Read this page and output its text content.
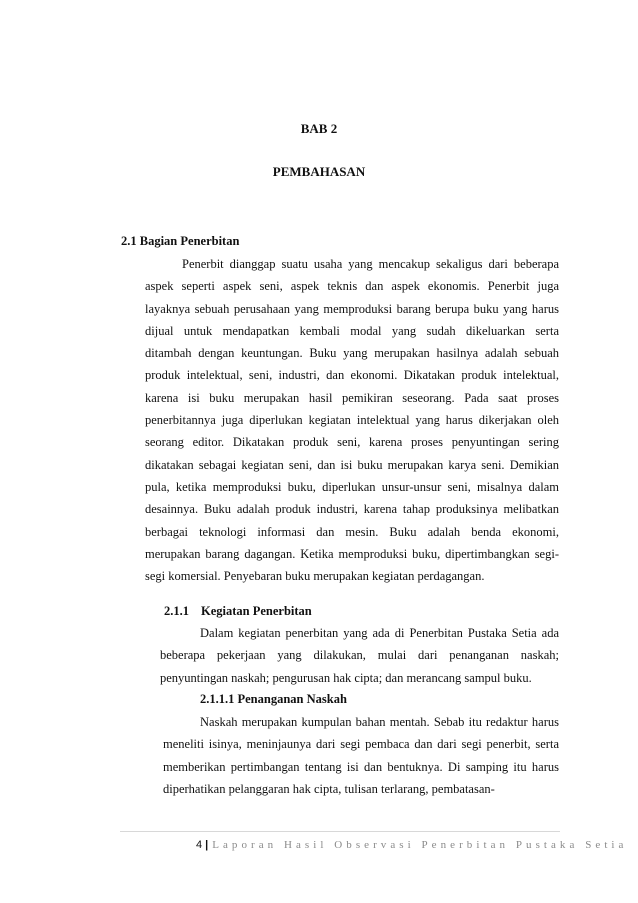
BAB 2
PEMBAHASAN
2.1 Bagian Penerbitan
Penerbit dianggap suatu usaha yang mencakup sekaligus dari beberapa
aspek seperti aspek seni, aspek teknis dan aspek ekonomis. Penerbit juga
layaknya sebuah perusahaan yang memproduksi barang berupa buku yang harus
dijual untuk mendapatkan kembali modal yang sudah dikeluarkan serta
ditambah dengan keuntungan. Buku yang merupakan hasilnya adalah sebuah
produk intelektual, seni, industri, dan ekonomi. Dikatakan produk intelektual,
karena isi buku merupakan hasil pemikiran seseorang. Pada saat proses
penerbitannya juga diperlukan kegiatan intelektual yang harus dikerjakan oleh
seorang editor. Dikatakan produk seni, karena proses penyuntingan sering
dikatakan sebagai kegiatan seni, dan isi buku merupakan karya seni. Demikian
pula, ketika memproduksi buku, diperlukan unsur-unsur seni, misalnya dalam
desainnya. Buku adalah produk industri, karena tahap produksinya melibatkan
berbagai teknologi informasi dan mesin. Buku adalah benda ekonomi,
merupakan barang dagangan. Ketika memproduksi buku, dipertimbangkan segi-
segi komersial. Penyebaran buku merupakan kegiatan perdagangan.
2.1.1 Kegiatan Penerbitan
Dalam kegiatan penerbitan yang ada di Penerbitan Pustaka Setia ada
beberapa pekerjaan yang dilakukan, mulai dari penanganan naskah;
penyuntingan naskah; pengurusan hak cipta; dan merancang sampul buku.
2.1.1.1 Penanganan Naskah
Naskah merupakan kumpulan bahan mentah. Sebab itu redaktur harus
meneliti isinya, meninjaunya dari segi pembaca dan dari segi penerbit, serta
memberikan pertimbangan tentang isi dan bentuknya. Di samping itu harus
diperhatikan pelanggaran hak cipta, tulisan terlarang, pembatasan-
4 | Laporan Hasil Observasi Penerbitan Pustaka Setia
